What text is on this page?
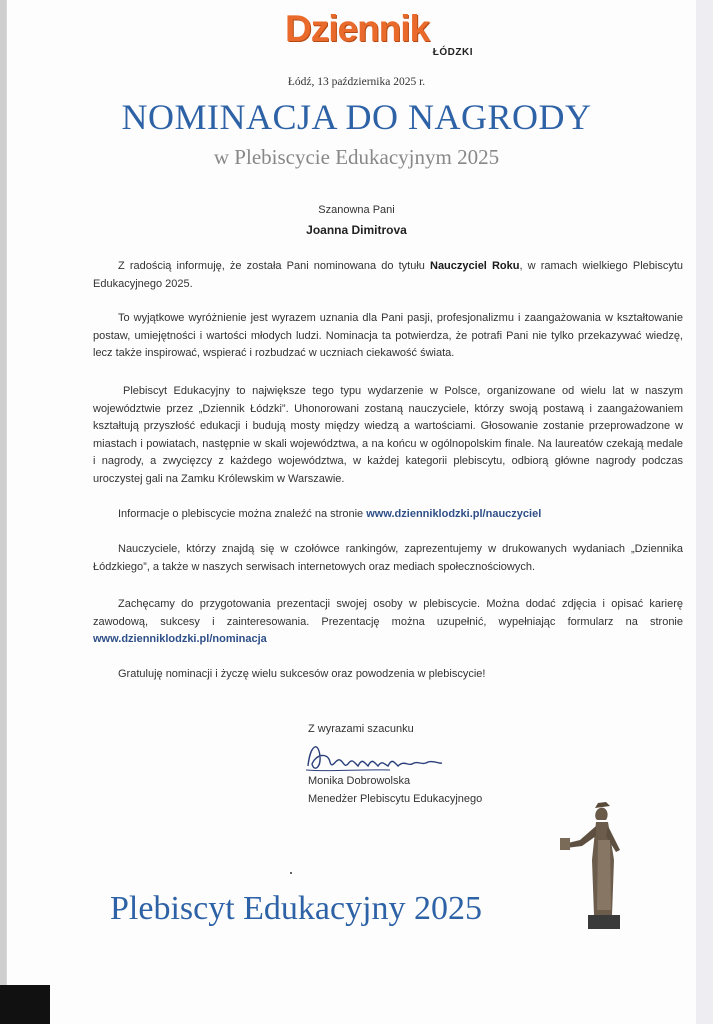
Dziennik
ŁÓDZKI
Łódź, 13 października 2025 r.
NOMINACJA DO NAGRODY
w Plebiscycie Edukacyjnym 2025
Szanowna Pani
Joanna Dimitrova

Z radością informuję, że została Pani nominowana do tytułu Nauczyciel Roku, w ramach wielkiego Plebiscytu Edukacyjnego 2025.

To wyjątkowe wyróżnienie jest wyrazem uznania dla Pani pasji, profesjonalizmu i zaangażowania w kształtowanie postaw, umiejętności i wartości młodych ludzi. Nominacja ta potwierdza, że potrafi Pani nie tylko przekazywać wiedzę, lecz także inspirować, wspierać i rozbudzać w uczniach ciekawość świata.

Plebiscyt Edukacyjny to największe tego typu wydarzenie w Polsce, organizowane od wielu lat w naszym województwie przez „Dziennik Łódzki”. Uhonorowani zostaną nauczyciele, którzy swoją postawą i zaangażowaniem kształtują przyszłość edukacji i budują mosty między wiedzą a wartościami. Głosowanie zostanie przeprowadzone w miastach i powiatach, następnie w skali województwa, a na końcu w ogólnopolskim finale. Na laureatów czekają medale i nagrody, a zwycięzcy z każdego województwa, w każdej kategorii plebiscytu, odbiorą główne nagrody podczas uroczystej gali na Zamku Królewskim w Warszawie.

Informacje o plebiscycie można znaleźć na stronie www.dzienniklodzki.pl/nauczyciel

Nauczyciele, którzy znajdą się w czołówce rankingów, zaprezentujemy w drukowanych wydaniach „Dziennika Łódzkiego”, a także w naszych serwisach internetowych oraz mediach społecznościowych.

Zachęcamy do przygotowania prezentacji swojej osoby w plebiscycie. Można dodać zdjęcia i opisać karierę zawodową, sukcesy i zainteresowania. Prezentację można uzupełnić, wypełniając formularz na stronie www.dzienniklodzki.pl/nominacja

Gratuluję nominacji i życzę wielu sukcesów oraz powodzenia w plebiscycie!

Z wyrazami szacunku
Monika Dobrowolska
Menedżer Plebiscytu Edukacyjnego
Plebiscyt Edukacyjny 2025
